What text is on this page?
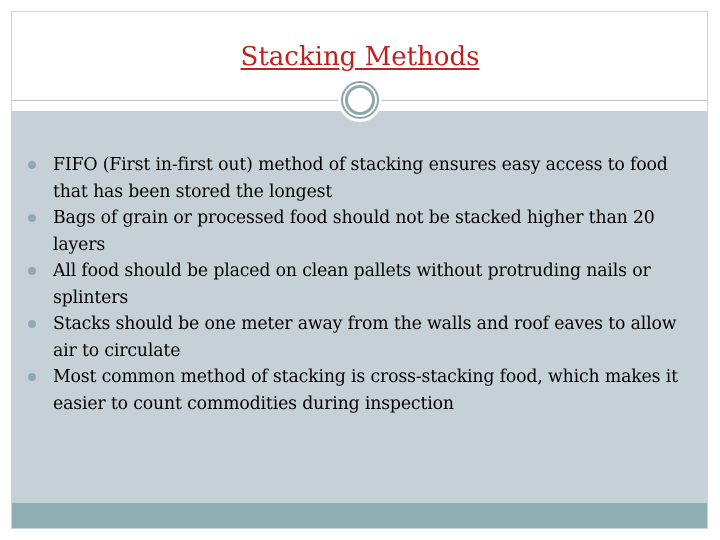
Stacking Methods
FIFO (First in-first out) method of stacking ensures easy access to food that has been stored the longest
Bags of grain or processed food should not be stacked higher than 20 layers
All food should be placed on clean pallets without protruding nails or splinters
Stacks should be one meter away from the walls and roof eaves to allow air to circulate
Most common method of stacking is cross-stacking food, which makes it easier to count commodities during inspection
